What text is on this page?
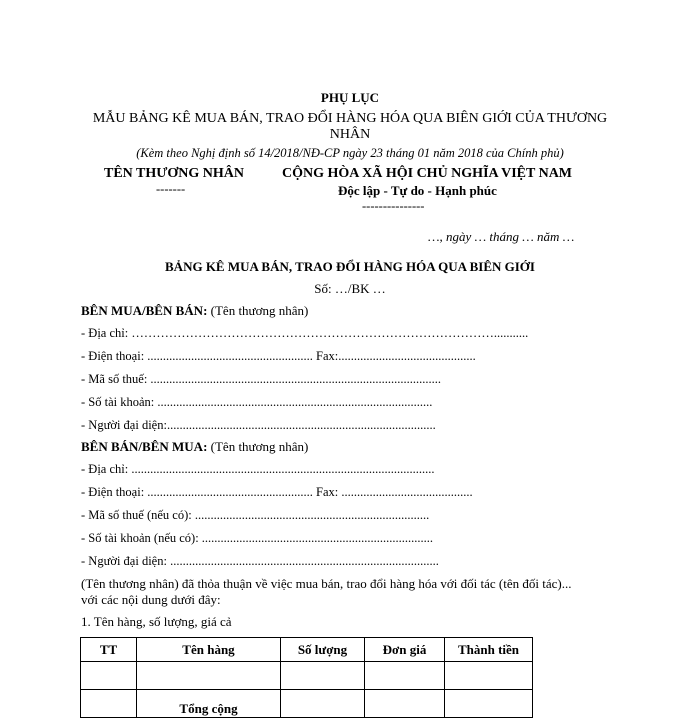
PHỤ LỤC
MẪU BẢNG KÊ MUA BÁN, TRAO ĐỔI HÀNG HÓA QUA BIÊN GIỚI CỦA THƯƠNG
NHÂN
(Kèm theo Nghị định số 14/2018/NĐ-CP ngày 23 tháng 01 năm 2018 của Chính phủ)
TÊN THƯƠNG NHÂN
-------
CỘNG HÒA XÃ HỘI CHỦ NGHĨA VIỆT NAM
Độc lập - Tự do - Hạnh phúc
---------------
…, ngày … tháng … năm …
BẢNG KÊ MUA BÁN, TRAO ĐỔI HÀNG HÓA QUA BIÊN GIỚI
Số: …/BK …
BÊN MUA/BÊN BÁN: (Tên thương nhân)
- Địa chỉ: ……………………………………………………………………………...........
- Điện thoại: ..................................................... Fax:............................................
- Mã số thuế: .............................................................................................
- Số tài khoản: ........................................................................................
- Người đại diện:......................................................................................
BÊN BÁN/BÊN MUA: (Tên thương nhân)
- Địa chỉ: .................................................................................................
- Điện thoại: ..................................................... Fax: ..........................................
- Mã số thuế (nếu có): ...........................................................................
- Số tài khoản (nếu có): ..........................................................................
- Người đại diện: ......................................................................................
(Tên thương nhân) đã thỏa thuận về việc mua bán, trao đổi hàng hóa với đối tác (tên đối tác)...
với các nội dung dưới đây:
1. Tên hàng, số lượng, giá cả
TT	Tên hàng	Số lượng	Đơn giá	Thành tiền

	Tổng cộng			
